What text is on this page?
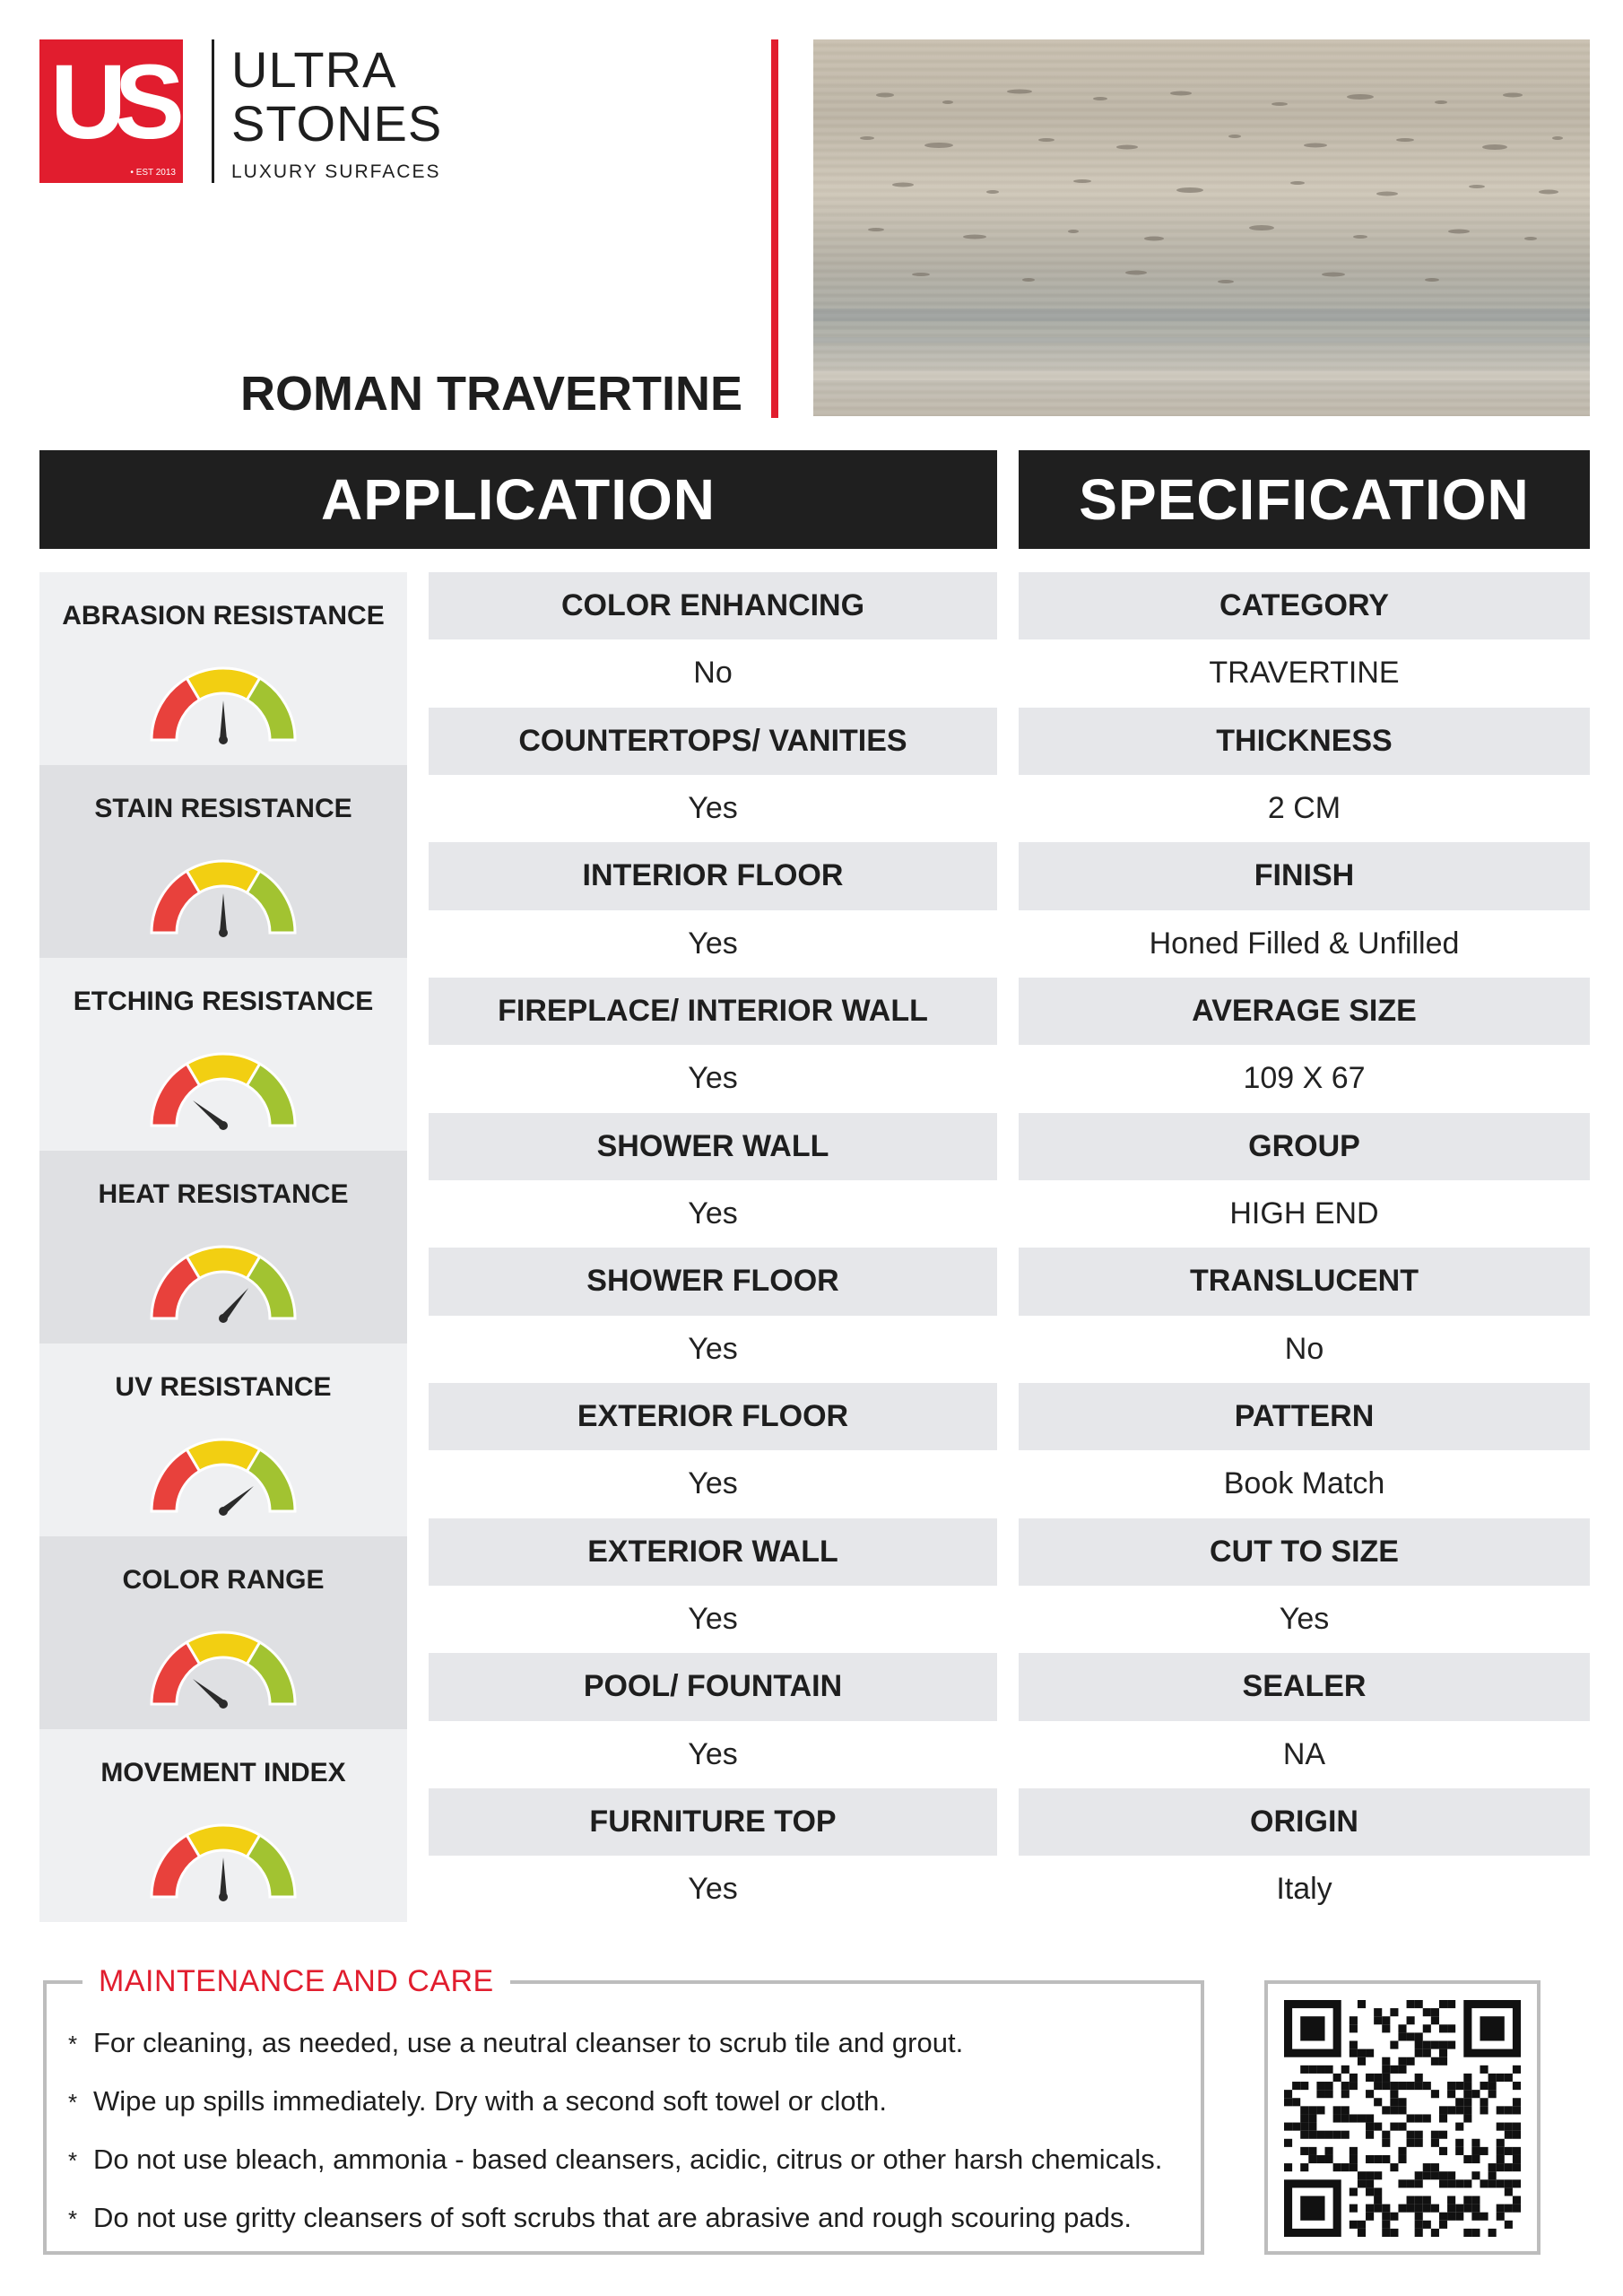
US
• EST 2013
ULTRA
STONES
LUXURY SURFACES
ROMAN TRAVERTINE
APPLICATION	SPECIFICATION
ABRASION RESISTANCE
STAIN RESISTANCE
ETCHING RESISTANCE
HEAT RESISTANCE
UV RESISTANCE
COLOR RANGE
MOVEMENT INDEX
COLOR ENHANCING
No
COUNTERTOPS/ VANITIES
Yes
INTERIOR FLOOR
Yes
FIREPLACE/ INTERIOR WALL
Yes
SHOWER WALL
Yes
SHOWER FLOOR
Yes
EXTERIOR FLOOR
Yes
EXTERIOR WALL
Yes
POOL/ FOUNTAIN
Yes
FURNITURE TOP
Yes
CATEGORY
TRAVERTINE
THICKNESS
2 CM
FINISH
Honed Filled & Unfilled
AVERAGE SIZE
109 X 67
GROUP
HIGH END
TRANSLUCENT
No
PATTERN
Book Match
CUT TO SIZE
Yes
SEALER
NA
ORIGIN
Italy
MAINTENANCE AND CARE
* For cleaning, as needed, use a neutral cleanser to scrub tile and grout.
* Wipe up spills immediately. Dry with a second soft towel or cloth.
* Do not use bleach, ammonia - based cleansers, acidic, citrus or other harsh chemicals.
* Do not use gritty cleansers of soft scrubs that are abrasive and rough scouring pads.
